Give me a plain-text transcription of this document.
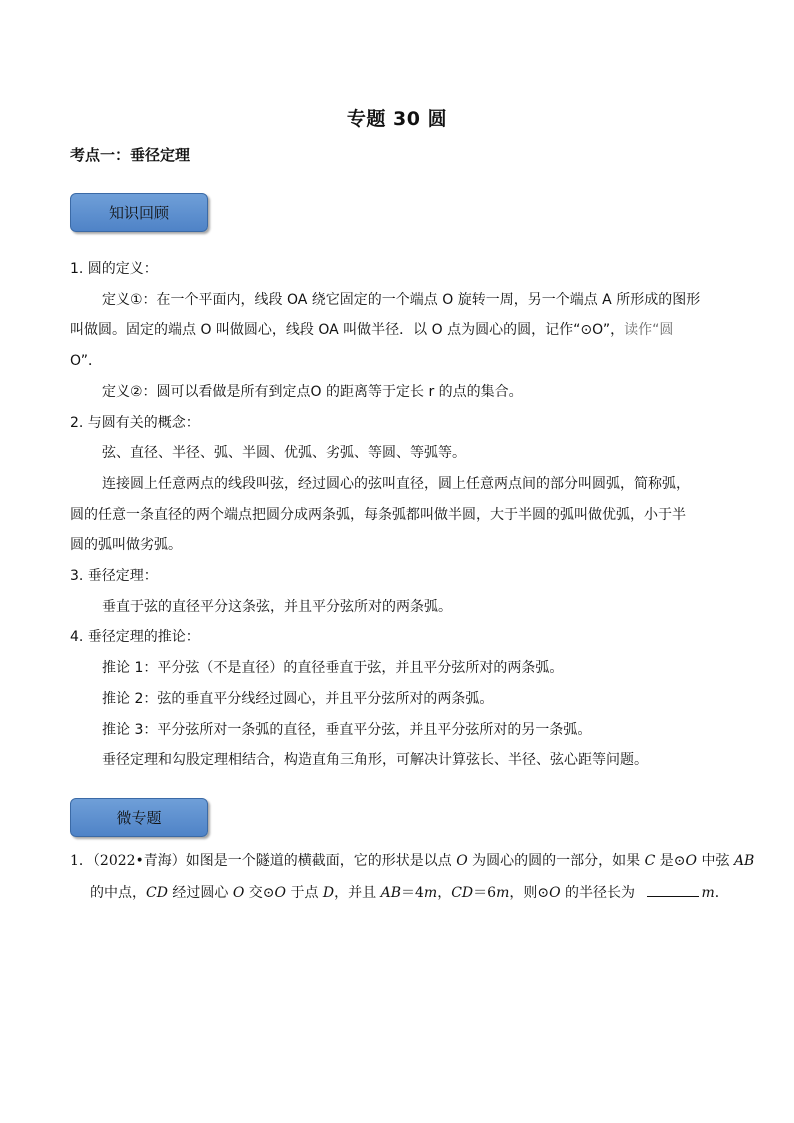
专题 30 圆
考点一：垂径定理
知识回顾
1. 圆的定义：
定义①：在一个平面内，线段 OA 绕它固定的一个端点 O 旋转一周，另一个端点 A 所形成的图形
叫做圆。固定的端点 O 叫做圆心，线段 OA 叫做半径．以 O 点为圆心的圆，记作“⊙O”，读作“圆
O”．
定义②：圆可以看做是所有到定点O 的距离等于定长 r 的点的集合。
2. 与圆有关的概念：
弦、直径、半径、弧、半圆、优弧、劣弧、等圆、等弧等。
连接圆上任意两点的线段叫弦，经过圆心的弦叫直径，圆上任意两点间的部分叫圆弧，简称弧，
圆的任意一条直径的两个端点把圆分成两条弧，每条弧都叫做半圆，大于半圆的弧叫做优弧，小于半
圆的弧叫做劣弧。
3. 垂径定理：
垂直于弦的直径平分这条弦，并且平分弦所对的两条弧。
4. 垂径定理的推论：
推论 1：平分弦（不是直径）的直径垂直于弦，并且平分弦所对的两条弧。
推论 2：弦的垂直平分线经过圆心，并且平分弦所对的两条弧。
推论 3：平分弦所对一条弧的直径，垂直平分弦，并且平分弦所对的另一条弧。
垂径定理和勾股定理相结合，构造直角三角形，可解决计算弦长、半径、弦心距等问题。
微专题
1．（2022•青海）如图是一个隧道的横截面，它的形状是以点 O 为圆心的圆的一部分，如果 C 是⊙O 中弦 AB
的中点，CD 经过圆心 O 交⊙O 于点 D，并且 AB＝4m，CD＝6m，则⊙O 的半径长为	m．
